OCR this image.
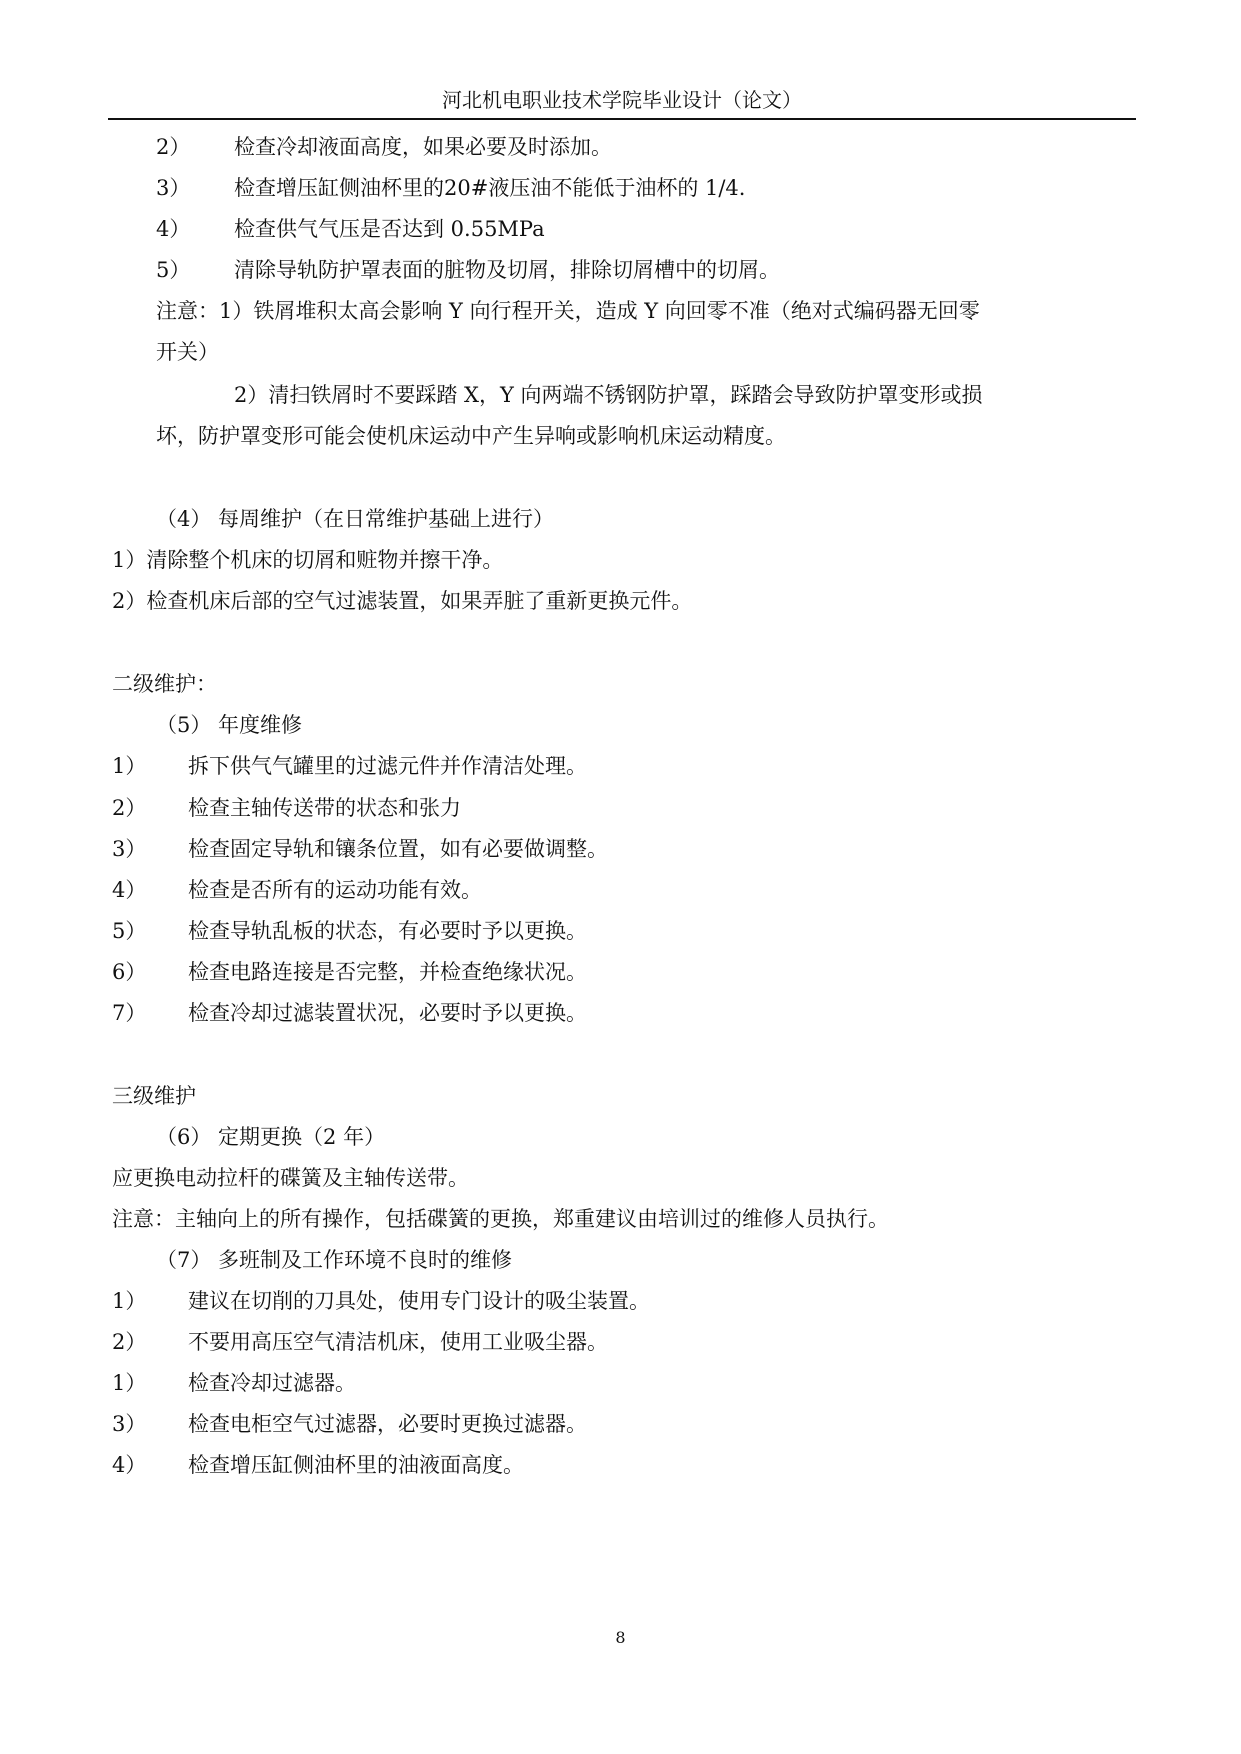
河北机电职业技术学院毕业设计（论文）
2） 检查冷却液面高度，如果必要及时添加。
3） 检查增压缸侧油杯里的20#液压油不能低于油杯的 1/4.
4） 检查供气气压是否达到 0.55MPa
5） 清除导轨防护罩表面的脏物及切屑，排除切屑槽中的切屑。
注意：1）铁屑堆积太高会影响 Y 向行程开关，造成 Y 向回零不准（绝对式编码器无回零
开关）
2）清扫铁屑时不要踩踏 X，Y 向两端不锈钢防护罩，踩踏会导致防护罩变形或损
坏，防护罩变形可能会使机床运动中产生异响或影响机床运动精度。
（4） 每周维护（在日常维护基础上进行）
1）清除整个机床的切屑和赃物并擦干净。
2）检查机床后部的空气过滤装置，如果弄脏了重新更换元件。
二级维护：
（5） 年度维修
1） 拆下供气气罐里的过滤元件并作清洁处理。
2） 检查主轴传送带的状态和张力
3） 检查固定导轨和镶条位置，如有必要做调整。
4） 检查是否所有的运动功能有效。
5） 检查导轨乱板的状态，有必要时予以更换。
6） 检查电路连接是否完整，并检查绝缘状况。
7） 检查冷却过滤装置状况，必要时予以更换。
三级维护
（6） 定期更换（2 年）
应更换电动拉杆的碟簧及主轴传送带。
注意：主轴向上的所有操作，包括碟簧的更换，郑重建议由培训过的维修人员执行。
（7） 多班制及工作环境不良时的维修
1） 建议在切削的刀具处，使用专门设计的吸尘装置。
2） 不要用高压空气清洁机床，使用工业吸尘器。
1） 检查冷却过滤器。
3） 检查电柜空气过滤器，必要时更换过滤器。
4） 检查增压缸侧油杯里的油液面高度。
8
